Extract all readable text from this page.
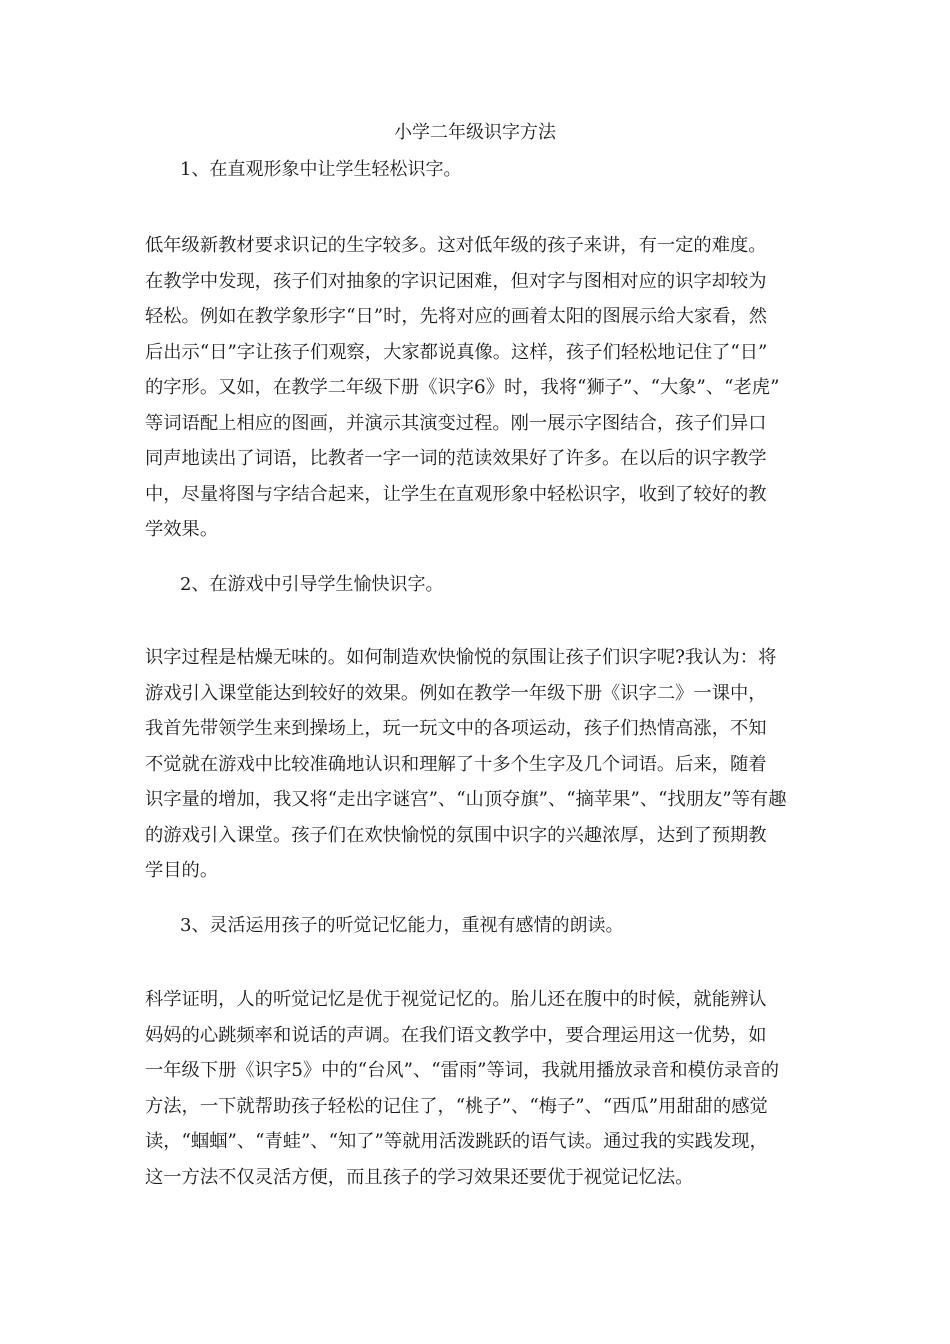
小学二年级识字方法
1、在直观形象中让学生轻松识字。
低年级新教材要求识记的生字较多。这对低年级的孩子来讲，有一定的难度。
在教学中发现，孩子们对抽象的字识记困难，但对字与图相对应的识字却较为
轻松。例如在教学象形字“日”时，先将对应的画着太阳的图展示给大家看，然
后出示“日”字让孩子们观察，大家都说真像。这样，孩子们轻松地记住了“日”
的字形。又如，在教学二年级下册《识字6》时，我将“狮子”、“大象”、“老虎”
等词语配上相应的图画，并演示其演变过程。刚一展示字图结合，孩子们异口
同声地读出了词语，比教者一字一词的范读效果好了许多。在以后的识字教学
中，尽量将图与字结合起来，让学生在直观形象中轻松识字，收到了较好的教
学效果。
2、在游戏中引导学生愉快识字。
识字过程是枯燥无味的。如何制造欢快愉悦的氛围让孩子们识字呢?我认为：将
游戏引入课堂能达到较好的效果。例如在教学一年级下册《识字二》一课中，
我首先带领学生来到操场上，玩一玩文中的各项运动，孩子们热情高涨，不知
不觉就在游戏中比较准确地认识和理解了十多个生字及几个词语。后来，随着
识字量的增加，我又将“走出字谜宫”、“山顶夺旗”、“摘苹果”、“找朋友”等有趣
的游戏引入课堂。孩子们在欢快愉悦的氛围中识字的兴趣浓厚，达到了预期教
学目的。
3、灵活运用孩子的听觉记忆能力，重视有感情的朗读。
科学证明，人的听觉记忆是优于视觉记忆的。胎儿还在腹中的时候，就能辨认
妈妈的心跳频率和说话的声调。在我们语文教学中，要合理运用这一优势，如
一年级下册《识字5》中的“台风”、“雷雨”等词，我就用播放录音和模仿录音的
方法，一下就帮助孩子轻松的记住了，“桃子”、“梅子”、“西瓜”用甜甜的感觉
读，“蝈蝈”、“青蛙”、“知了”等就用活泼跳跃的语气读。通过我的实践发现，
这一方法不仅灵活方便，而且孩子的学习效果还要优于视觉记忆法。
